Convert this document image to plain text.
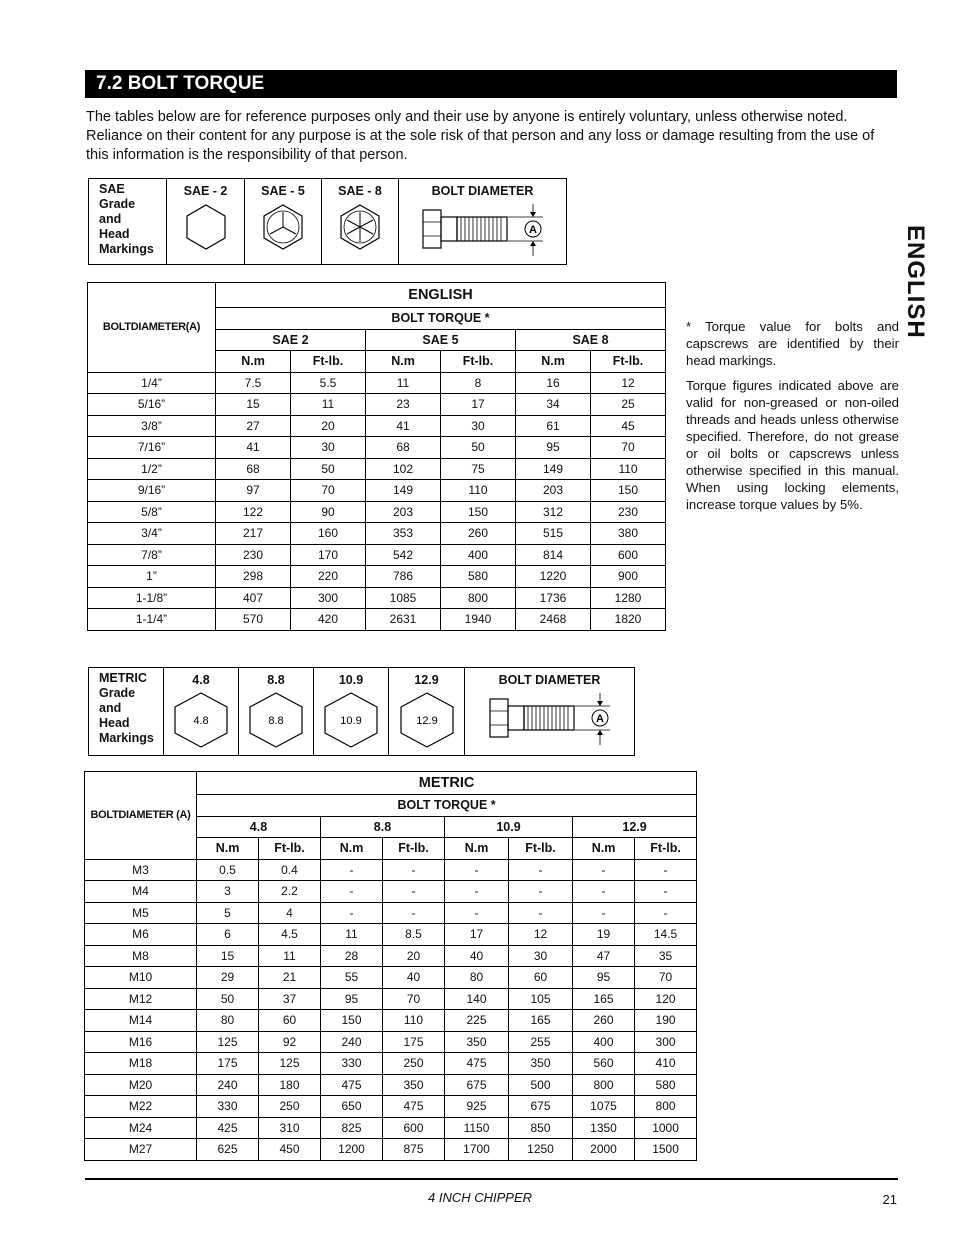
7.2 BOLT TORQUE

The tables below are for reference purposes only and their use by anyone is entirely voluntary, unless otherwise noted. Reliance on their content for any purpose is at the sole risk of that person and any loss or damage resulting from the use of this information is the responsibility of that person.

ENGLISH
SAE
Grade
and
Head
Markings

SAE - 2	SAE - 5	SAE - 8	BOLT DIAMETER
A
BOLTDIAMETER(A)	ENGLISH					
	BOLT TORQUE *					
	SAE 2		SAE 5		SAE 8	
	N.m	Ft-lb.	N.m	Ft-lb.	N.m	Ft-lb.
1/4”	7.5	5.5	11	8	16	12
5/16”	15	11	23	17	34	25
3/8”	27	20	41	30	61	45
7/16”	41	30	68	50	95	70
1/2”	68	50	102	75	149	110
9/16”	97	70	149	110	203	150
5/8”	122	90	203	150	312	230
3/4”	217	160	353	260	515	380
7/8”	230	170	542	400	814	600
1”	298	220	786	580	1220	900
1-1/8”	407	300	1085	800	1736	1280
1-1/4”	570	420	2631	1940	2468	1820

* Torque value for bolts and capscrews are identified by their head markings.

Torque figures indicated above are valid for non-greased or non-oiled threads and heads unless otherwise specified. Therefore, do not grease or oil bolts or capscrews unless otherwise specified in this manual. When using locking elements, increase torque values by 5%.

METRIC
Grade
and
Head
Markings

4.8
4.8

8.8
8.8

10.9
10.9

12.9
12.9

BOLT DIAMETER
A
BOLTDIAMETER (A)	METRIC							
	BOLT TORQUE *							
	4.8		8.8		10.9		12.9	
	N.m	Ft-lb.	N.m	Ft-lb.	N.m	Ft-lb.	N.m	Ft-lb.
M3	0.5	0.4	-	-	-	-	-	-
M4	3	2.2	-	-	-	-	-	-
M5	5	4	-	-	-	-	-	-
M6	6	4.5	11	8.5	17	12	19	14.5
M8	15	11	28	20	40	30	47	35
M10	29	21	55	40	80	60	95	70
M12	50	37	95	70	140	105	165	120
M14	80	60	150	110	225	165	260	190
M16	125	92	240	175	350	255	400	300
M18	175	125	330	250	475	350	560	410
M20	240	180	475	350	675	500	800	580
M22	330	250	650	475	925	675	1075	800
M24	425	310	825	600	1150	850	1350	1000
M27	625	450	1200	875	1700	1250	2000	1500
4 INCH CHIPPER	21
